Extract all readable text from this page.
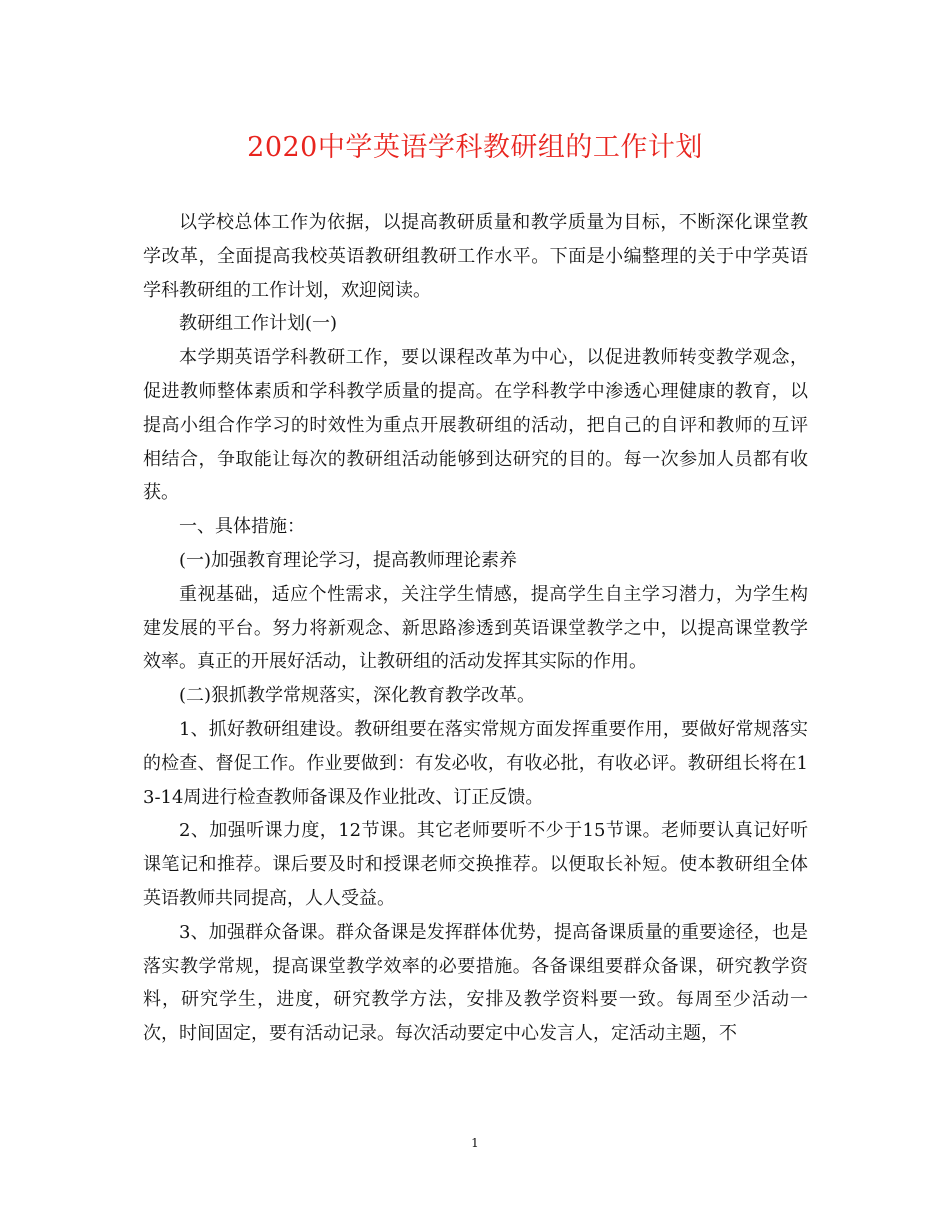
2020中学英语学科教研组的工作计划

以学校总体工作为依据，以提高教研质量和教学质量为目标，不断深化课堂教学改革，全面提高我校英语教研组教研工作水平。下面是小编整理的关于中学英语学科教研组的工作计划，欢迎阅读。

教研组工作计划(一)

本学期英语学科教研工作，要以课程改革为中心，以促进教师转变教学观念，促进教师整体素质和学科教学质量的提高。在学科教学中渗透心理健康的教育，以提高小组合作学习的时效性为重点开展教研组的活动，把自己的自评和教师的互评相结合，争取能让每次的教研组活动能够到达研究的目的。每一次参加人员都有收获。

一、具体措施：

(一)加强教育理论学习，提高教师理论素养

重视基础，适应个性需求，关注学生情感，提高学生自主学习潜力，为学生构建发展的平台。努力将新观念、新思路渗透到英语课堂教学之中，以提高课堂教学效率。真正的开展好活动，让教研组的活动发挥其实际的作用。

(二)狠抓教学常规落实，深化教育教学改革。

1、抓好教研组建设。教研组要在落实常规方面发挥重要作用，要做好常规落实的检查、督促工作。作业要做到：有发必收，有收必批，有收必评。教研组长将在13-14周进行检查教师备课及作业批改、订正反馈。

2、加强听课力度，12节课。其它老师要听不少于15节课。老师要认真记好听课笔记和推荐。课后要及时和授课老师交换推荐。以便取长补短。使本教研组全体英语教师共同提高，人人受益。

3、加强群众备课。群众备课是发挥群体优势，提高备课质量的重要途径，也是落实教学常规，提高课堂教学效率的必要措施。各备课组要群众备课，研究教学资料，研究学生，进度，研究教学方法，安排及教学资料要一致。每周至少活动一次，时间固定，要有活动记录。每次活动要定中心发言人，定活动主题，不

1
